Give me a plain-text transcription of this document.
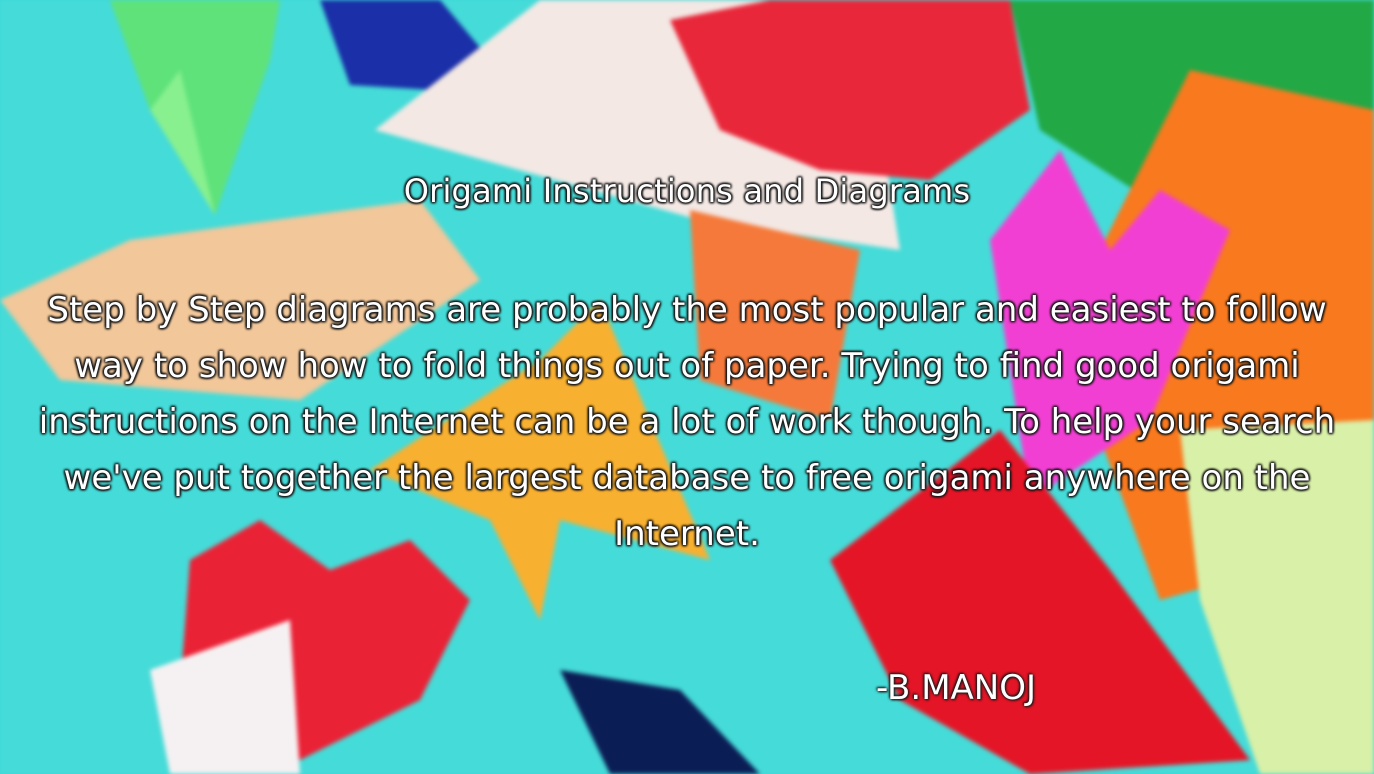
Origami Instructions and Diagrams
Step by Step diagrams are probably the most popular and easiest to follow way to show how to fold things out of paper. Trying to find good origami instructions on the Internet can be a lot of work though. To help your search we've put together the largest database to free origami anywhere on the Internet.
-B.MANOJ
